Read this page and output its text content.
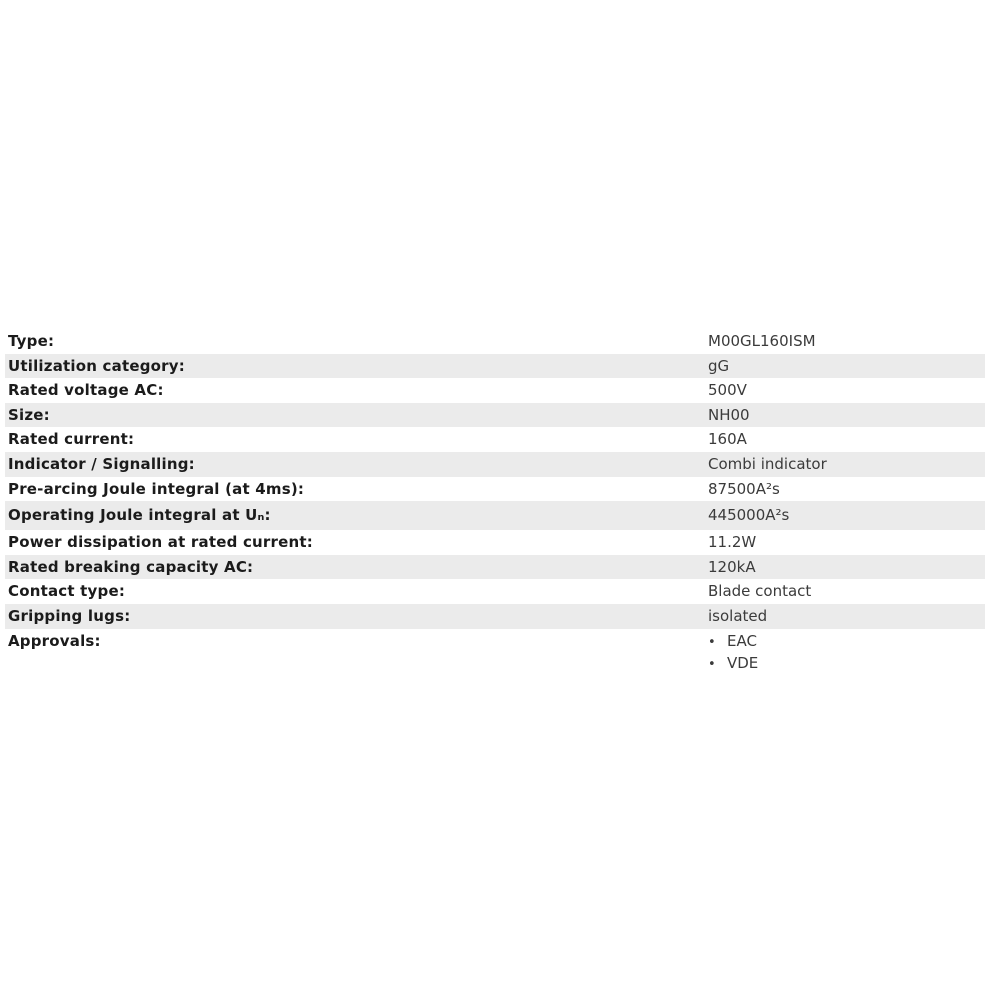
Type:	M00GL160ISM
Utilization category:	gG
Rated voltage AC:	500V
Size:	NH00
Rated current:	160A
Indicator / Signalling:	Combi indicator
Pre-arcing Joule integral (at 4ms):	87500A²s
Operating Joule integral at Uₙ:	445000A²s
Power dissipation at rated current:	11.2W
Rated breaking capacity AC:	120kA
Contact type:	Blade contact
Gripping lugs:	isolated
Approvals:	• EAC
• VDE
